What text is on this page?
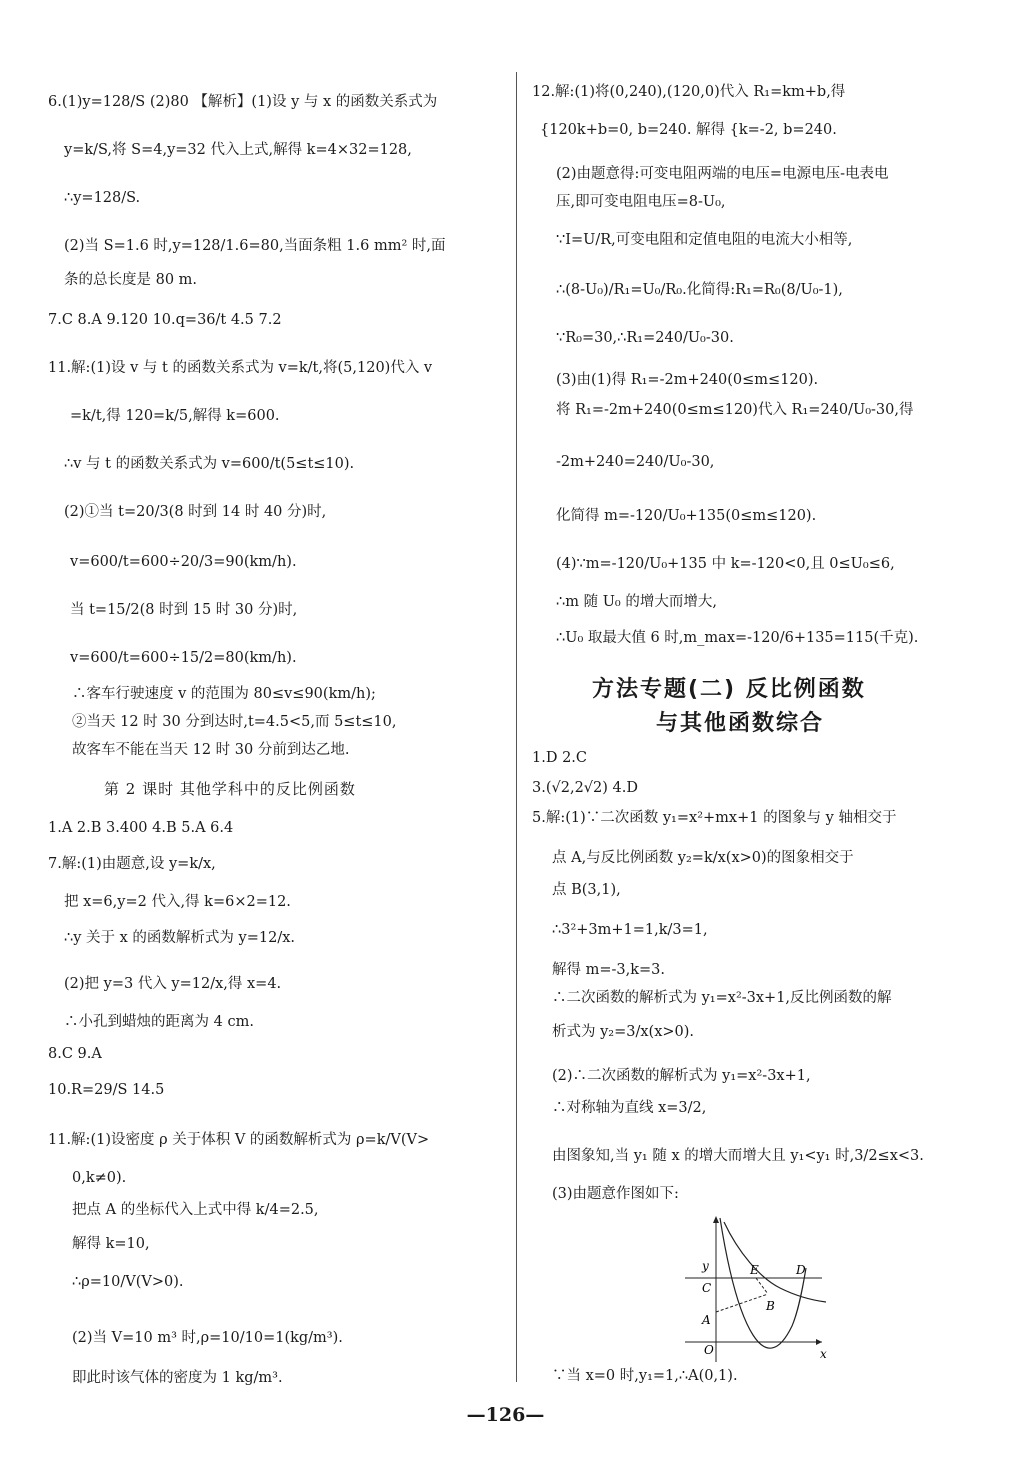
6.(1)y=128/S (2)80 【解析】(1)设 y 与 x 的函数关系式为
y=k/S,将 S=4,y=32 代入上式,解得 k=4×32=128,
∴y=128/S.
(2)当 S=1.6 时,y=128/1.6=80,当面条粗 1.6 mm² 时,面
条的总长度是 80 m.
7.C 8.A 9.120 10.q=36/t 4.5 7.2
11.解:(1)设 v 与 t 的函数关系式为 v=k/t,将(5,120)代入 v
=k/t,得 120=k/5,解得 k=600.
∴v 与 t 的函数关系式为 v=600/t(5≤t≤10).
(2)①当 t=20/3(8 时到 14 时 40 分)时,
v=600/t=600÷20/3=90(km/h).
当 t=15/2(8 时到 15 时 30 分)时,
v=600/t=600÷15/2=80(km/h).
∴客车行驶速度 v 的范围为 80≤v≤90(km/h);
②当天 12 时 30 分到达时,t=4.5<5,而 5≤t≤10,
故客车不能在当天 12 时 30 分前到达乙地.
第 2 课时 其他学科中的反比例函数
1.A 2.B 3.400 4.B 5.A 6.4
7.解:(1)由题意,设 y=k/x,
把 x=6,y=2 代入,得 k=6×2=12.
∴y 关于 x 的函数解析式为 y=12/x.
(2)把 y=3 代入 y=12/x,得 x=4.
∴小孔到蜡烛的距离为 4 cm.
8.C 9.A
10.R=29/S 14.5
11.解:(1)设密度 ρ 关于体积 V 的函数解析式为 ρ=k/V(V>
0,k≠0).
把点 A 的坐标代入上式中得 k/4=2.5,
解得 k=10,
∴ρ=10/V(V>0).
(2)当 V=10 m³ 时,ρ=10/10=1(kg/m³).
即此时该气体的密度为 1 kg/m³.
12.解:(1)将(0,240),(120,0)代入 R₁=km+b,得
{120k+b=0, b=240. 解得 {k=-2, b=240.
(2)由题意得:可变电阻两端的电压=电源电压-电表电
压,即可变电阻电压=8-U₀,
∵I=U/R,可变电阻和定值电阻的电流大小相等,
∴(8-U₀)/R₁=U₀/R₀.化简得:R₁=R₀(8/U₀-1),
∵R₀=30,∴R₁=240/U₀-30.
(3)由(1)得 R₁=-2m+240(0≤m≤120).
将 R₁=-2m+240(0≤m≤120)代入 R₁=240/U₀-30,得
-2m+240=240/U₀-30,
化简得 m=-120/U₀+135(0≤m≤120).
(4)∵m=-120/U₀+135 中 k=-120<0,且 0≤U₀≤6,
∴m 随 U₀ 的增大而增大,
∴U₀ 取最大值 6 时,m_max=-120/6+135=115(千克).
方法专题(二) 反比例函数
与其他函数综合
1.D 2.C
3.(√2,2√2) 4.D
5.解:(1)∵二次函数 y₁=x²+mx+1 的图象与 y 轴相交于
点 A,与反比例函数 y₂=k/x(x>0)的图象相交于
点 B(3,1),
∴3²+3m+1=1,k/3=1,
解得 m=-3,k=3.
∴二次函数的解析式为 y₁=x²-3x+1,反比例函数的解
析式为 y₂=3/x(x>0).
(2)∴二次函数的解析式为 y₁=x²-3x+1,
∴对称轴为直线 x=3/2,
由图象知,当 y₁ 随 x 的增大而增大且 y₁<y₁ 时,3/2≤x<3.
(3)由题意作图如下:
∵当 x=0 时,y₁=1,∴A(0,1).
y
x
O
A
B
C
D
E
—126—
